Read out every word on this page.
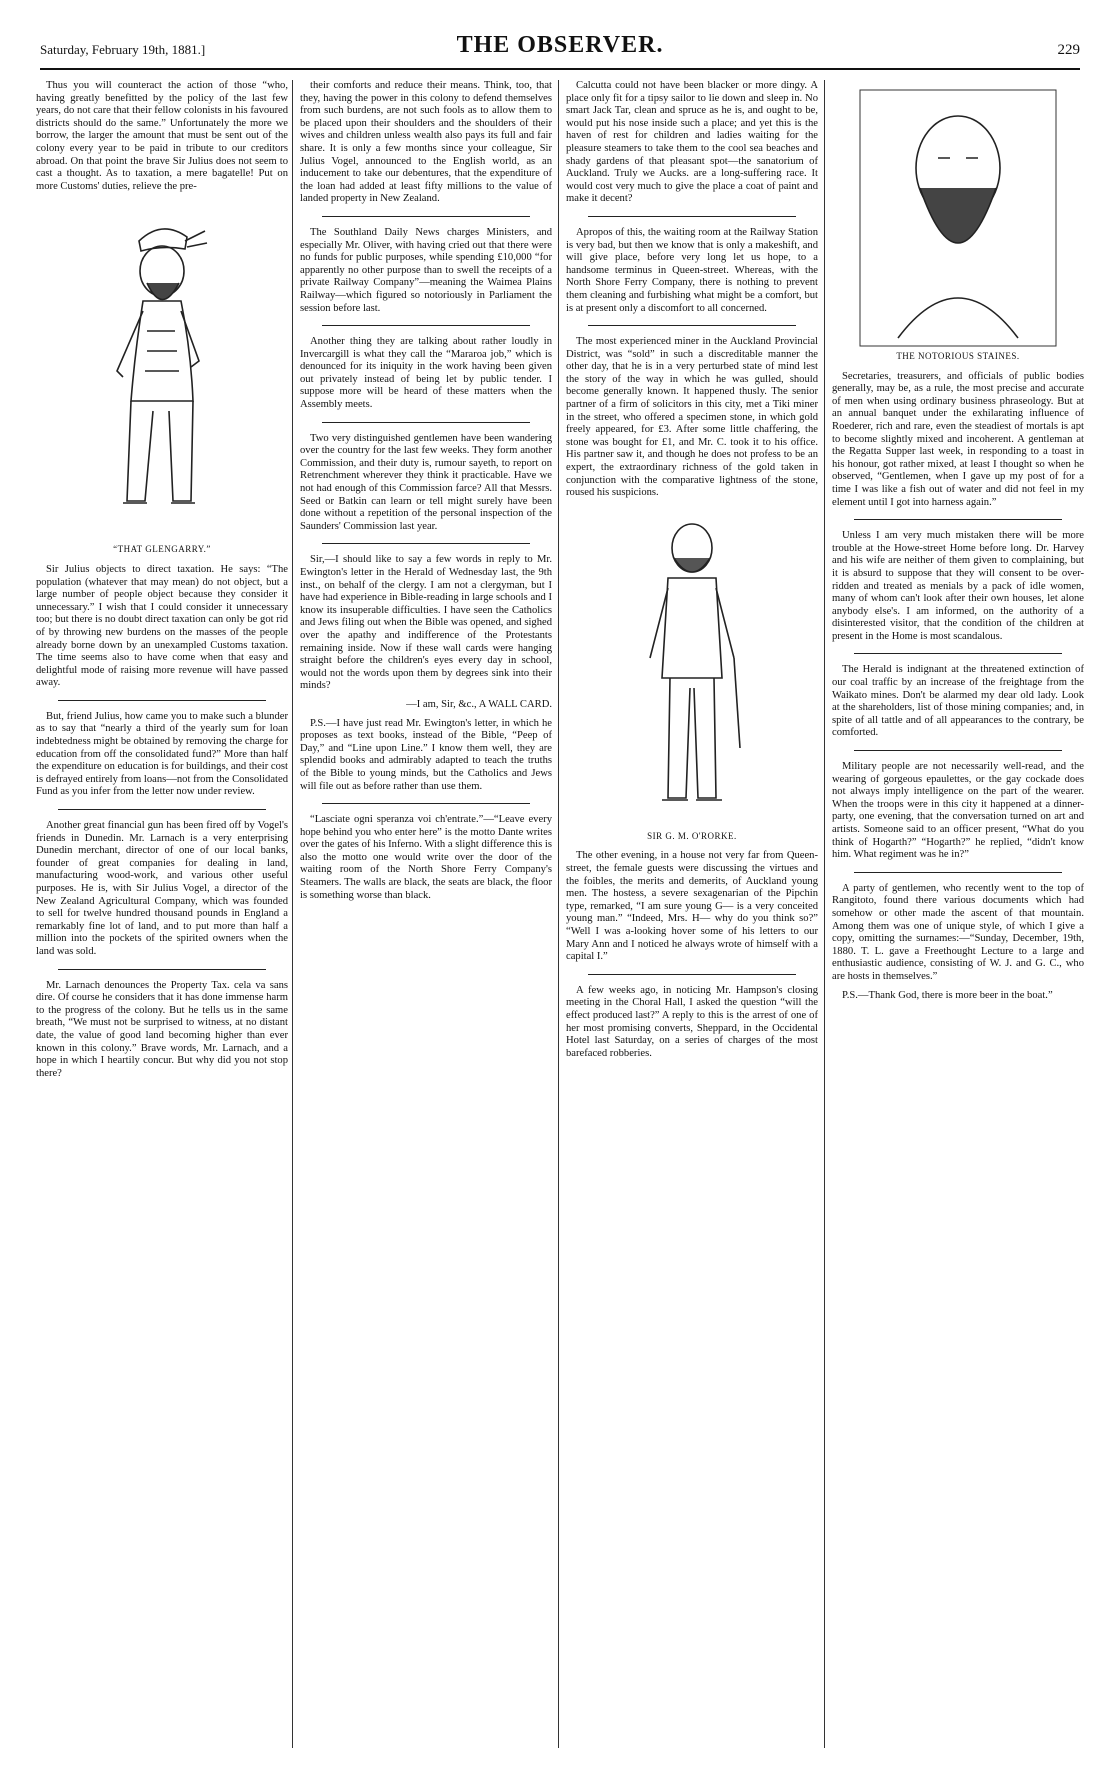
Saturday, February 19th, 1881.]	THE OBSERVER.	229

Thus you will counteract the action of those “who, having greatly benefitted by the policy of the last few years, do not care that their fellow colonists in his favoured districts should do the same.” Unfortunately the more we borrow, the larger the amount that must be sent out of the colony every year to be paid in tribute to our creditors abroad. On that point the brave Sir Julius does not seem to cast a thought. As to taxation, a mere bagatelle! Put on more Customs' duties, relieve the pre-

“THAT GLENGARRY.”

Sir Julius objects to direct taxation. He says: “The population (whatever that may mean) do not object, but a large number of people object because they consider it unnecessary.” I wish that I could consider it unnecessary too; but there is no doubt direct taxation can only be got rid of by throwing new burdens on the masses of the people already borne down by an unexampled Customs taxation. The time seems also to have come when that easy and delightful mode of raising more revenue will have passed away.

But, friend Julius, how came you to make such a blunder as to say that “nearly a third of the yearly sum for loan indebtedness might be obtained by removing the charge for education from off the consolidated fund?” More than half the expenditure on education is for buildings, and their cost is defrayed entirely from loans—not from the Consolidated Fund as you infer from the letter now under review.

Another great financial gun has been fired off by Vogel's friends in Dunedin. Mr. Larnach is a very enterprising Dunedin merchant, director of one of our local banks, founder of great companies for dealing in land, manufacturing wood-work, and various other useful purposes. He is, with Sir Julius Vogel, a director of the New Zealand Agricultural Company, which was founded to sell for twelve hundred thousand pounds in England a remarkably fine lot of land, and to put more than half a million into the pockets of the spirited owners when the land was sold.

Mr. Larnach denounces the Property Tax. cela va sans dire. Of course he considers that it has done immense harm to the progress of the colony. But he tells us in the same breath, “We must not be surprised to witness, at no distant date, the value of good land becoming higher than ever known in this colony.” Brave words, Mr. Larnach, and a hope in which I heartily concur. But why did you not stop there?

their comforts and reduce their means. Think, too, that they, having the power in this colony to defend themselves from such burdens, are not such fools as to allow them to be placed upon their shoulders and the shoulders of their wives and children unless wealth also pays its full and fair share. It is only a few months since your colleague, Sir Julius Vogel, announced to the English world, as an inducement to take our debentures, that the expenditure of the loan had added at least fifty millions to the value of landed property in New Zealand.

The Southland Daily News charges Ministers, and especially Mr. Oliver, with having cried out that there were no funds for public purposes, while spending £10,000 “for apparently no other purpose than to swell the receipts of a private Railway Company”—meaning the Waimea Plains Railway—which figured so notoriously in Parliament the session before last.

Another thing they are talking about rather loudly in Invercargill is what they call the “Mararoa job,” which is denounced for its iniquity in the work having been given out privately instead of being let by public tender. I suppose more will be heard of these matters when the Assembly meets.

Two very distinguished gentlemen have been wandering over the country for the last few weeks. They form another Commission, and their duty is, rumour sayeth, to report on Retrenchment wherever they think it practicable. Have we not had enough of this Commission farce? All that Messrs. Seed or Batkin can learn or tell might surely have been done without a repetition of the personal inspection of the Saunders' Commission last year.

Sir,—I should like to say a few words in reply to Mr. Ewington's letter in the Herald of Wednesday last, the 9th inst., on behalf of the clergy. I am not a clergyman, but I have had experience in Bible-reading in large schools and I know its insuperable difficulties. I have seen the Catholics and Jews filing out when the Bible was opened, and sighed over the apathy and indifference of the Protestants remaining inside. Now if these wall cards were hanging straight before the children's eyes every day in school, would not the words upon them by degrees sink into their minds?

—I am, Sir, &c., A WALL CARD.

P.S.—I have just read Mr. Ewington's letter, in which he proposes as text books, instead of the Bible, “Peep of Day,” and “Line upon Line.” I know them well, they are splendid books and admirably adapted to teach the truths of the Bible to young minds, but the Catholics and Jews will file out as before rather than use them.

“Lasciate ogni speranza voi ch'entrate.”—“Leave every hope behind you who enter here” is the motto Dante writes over the gates of his Inferno. With a slight difference this is also the motto one would write over the door of the waiting room of the North Shore Ferry Company's Steamers. The walls are black, the seats are black, the floor is something worse than black.

Calcutta could not have been blacker or more dingy. A place only fit for a tipsy sailor to lie down and sleep in. No smart Jack Tar, clean and spruce as he is, and ought to be, would put his nose inside such a place; and yet this is the haven of rest for children and ladies waiting for the pleasure steamers to take them to the cool sea beaches and shady gardens of that pleasant spot—the sanatorium of Auckland. Truly we Aucks. are a long-suffering race. It would cost very much to give the place a coat of paint and make it decent?

Apropos of this, the waiting room at the Railway Station is very bad, but then we know that is only a makeshift, and will give place, before very long let us hope, to a handsome terminus in Queen-street. Whereas, with the North Shore Ferry Company, there is nothing to prevent them cleaning and furbishing what might be a comfort, but is at present only a discomfort to all concerned.

The most experienced miner in the Auckland Provincial District, was “sold” in such a discreditable manner the other day, that he is in a very perturbed state of mind lest the story of the way in which he was gulled, should become generally known. It happened thusly. The senior partner of a firm of solicitors in this city, met a Tiki miner in the street, who offered a specimen stone, in which gold freely appeared, for £3. After some little chaffering, the stone was bought for £1, and Mr. C. took it to his office. His partner saw it, and though he does not profess to be an expert, the extraordinary richness of the gold taken in conjunction with the comparative lightness of the stone, roused his suspicions.

SIR G. M. O'RORKE.

The other evening, in a house not very far from Queen-street, the female guests were discussing the virtues and the foibles, the merits and demerits, of Auckland young men. The hostess, a severe sexagenarian of the Pipchin type, remarked, “I am sure young G— is a very conceited young man.” “Indeed, Mrs. H— why do you think so?” “Well I was a-looking hover some of his letters to our Mary Ann and I noticed he always wrote of himself with a capital I.”

A few weeks ago, in noticing Mr. Hampson's closing meeting in the Choral Hall, I asked the question “will the effect produced last?” A reply to this is the arrest of one of her most promising converts, Sheppard, in the Occidental Hotel last Saturday, on a series of charges of the most barefaced robberies.

THE NOTORIOUS STAINES.

Secretaries, treasurers, and officials of public bodies generally, may be, as a rule, the most precise and accurate of men when using ordinary business phraseology. But at an annual banquet under the exhilarating influence of Roederer, rich and rare, even the steadiest of mortals is apt to become slightly mixed and incoherent. A gentleman at the Regatta Supper last week, in responding to a toast in his honour, got rather mixed, at least I thought so when he observed, “Gentlemen, when I gave up my post of for a time I was like a fish out of water and did not feel in my element until I got into harness again.”

Unless I am very much mistaken there will be more trouble at the Howe-street Home before long. Dr. Harvey and his wife are neither of them given to complaining, but it is absurd to suppose that they will consent to be over-ridden and treated as menials by a pack of idle women, many of whom can't look after their own houses, let alone anybody else's. I am informed, on the authority of a disinterested visitor, that the condition of the children at present in the Home is most scandalous.

The Herald is indignant at the threatened extinction of our coal traffic by an increase of the freightage from the Waikato mines. Don't be alarmed my dear old lady. Look at the shareholders, list of those mining companies; and, in spite of all tattle and of all appearances to the contrary, be comforted.

Military people are not necessarily well-read, and the wearing of gorgeous epaulettes, or the gay cockade does not always imply intelligence on the part of the wearer. When the troops were in this city it happened at a dinner-party, one evening, that the conversation turned on art and artists. Someone said to an officer present, “What do you think of Hogarth?” “Hogarth?” he replied, “didn't know him. What regiment was he in?”

A party of gentlemen, who recently went to the top of Rangitoto, found there various documents which had somehow or other made the ascent of that mountain. Among them was one of unique style, of which I give a copy, omitting the surnames:—“Sunday, December, 19th, 1880. T. L. gave a Freethought Lecture to a large and enthusiastic audience, consisting of W. J. and G. C., who are hosts in themselves.”

P.S.—Thank God, there is more beer in the boat.”
